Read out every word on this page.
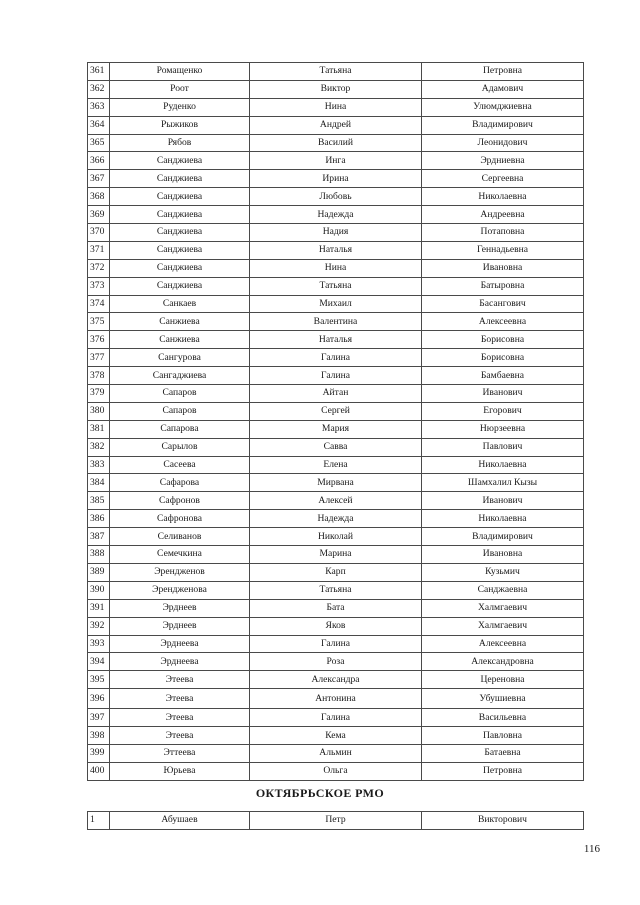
361	Ромащенко	Татьяна	Петровна
362	Роот	Виктор	Адамович
363	Руденко	Нина	Улюмджиевна
364	Рыжиков	Андрей	Владимирович
365	Рябов	Василий	Леонидович
366	Санджиева	Инга	Эрдниевна
367	Санджиева	Ирина	Сергеевна
368	Санджиева	Любовь	Николаевна
369	Санджиева	Надежда	Андреевна
370	Санджиева	Надия	Потаповна
371	Санджиева	Наталья	Геннадьевна
372	Санджиева	Нина	Ивановна
373	Санджиева	Татьяна	Батыровна
374	Санкаев	Михаил	Басангович
375	Санжиева	Валентина	Алексеевна
376	Санжиева	Наталья	Борисовна
377	Сангурова	Галина	Борисовна
378	Сангаджиева	Галина	Бамбаевна
379	Сапаров	Айтан	Иванович
380	Сапаров	Сергей	Егорович
381	Сапарова	Мария	Нюрзеевна
382	Сарылов	Савва	Павлович
383	Сасеева	Елена	Николаевна
384	Сафарова	Мирвана	Шамхалил Кызы
385	Сафронов	Алексей	Иванович
386	Сафронова	Надежда	Николаевна
387	Селиванов	Николай	Владимирович
388	Семечкина	Марина	Ивановна
389	Эрендженов	Карп	Кузьмич
390	Эрендженова	Татьяна	Санджаевна
391	Эрднеев	Бата	Халмгаевич
392	Эрднеев	Яков	Халмгаевич
393	Эрднеева	Галина	Алексеевна
394	Эрднеева	Роза	Александровна
395	Этеева	Александра	Цереновна
396	Этеева	Антонина	Убушиевна
397	Этеева	Галина	Васильевна
398	Этеева	Кема	Павловна
399	Эттеева	Альмин	Батаевна
400	Юрьева	Ольга	Петровна
ОКТЯБРЬСКОЕ РМО
1	Абушаев	Петр	Викторович
116
